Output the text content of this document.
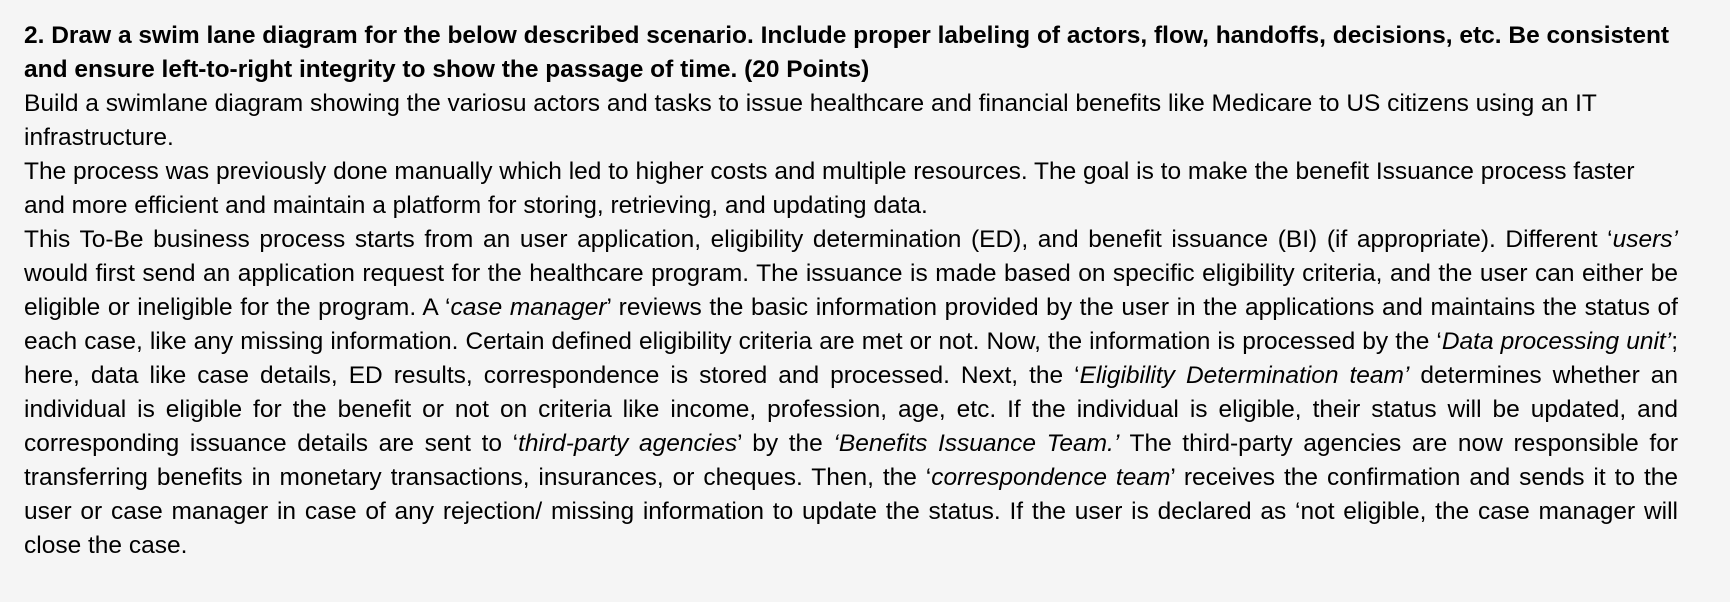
2. Draw a swim lane diagram for the below described scenario. Include proper labeling of actors, flow, handoffs, decisions, etc. Be consistent and ensure left-to-right integrity to show the passage of time. (20 Points)
Build a swimlane diagram showing the variosu actors and tasks to issue healthcare and financial benefits like Medicare to US citizens using an IT infrastructure.
The process was previously done manually which led to higher costs and multiple resources. The goal is to make the benefit Issuance process faster and more efficient and maintain a platform for storing, retrieving, and updating data.
This To-Be business process starts from an user application, eligibility determination (ED), and benefit issuance (BI) (if appropriate). Different ‘users’ would first send an application request for the healthcare program. The issuance is made based on specific eligibility criteria, and the user can either be eligible or ineligible for the program. A ‘case manager’ reviews the basic information provided by the user in the applications and maintains the status of each case, like any missing information. Certain defined eligibility criteria are met or not. Now, the information is processed by the ‘Data processing unit’; here, data like case details, ED results, correspondence is stored and processed. Next, the ‘Eligibility Determination team’ determines whether an individual is eligible for the benefit or not on criteria like income, profession, age, etc. If the individual is eligible, their status will be updated, and corresponding issuance details are sent to ‘third-party agencies’ by the ‘Benefits Issuance Team.’ The third-party agencies are now responsible for transferring benefits in monetary transactions, insurances, or cheques. Then, the ‘correspondence team’ receives the confirmation and sends it to the user or case manager in case of any rejection/ missing information to update the status. If the user is declared as ‘not eligible, the case manager will close the case.
